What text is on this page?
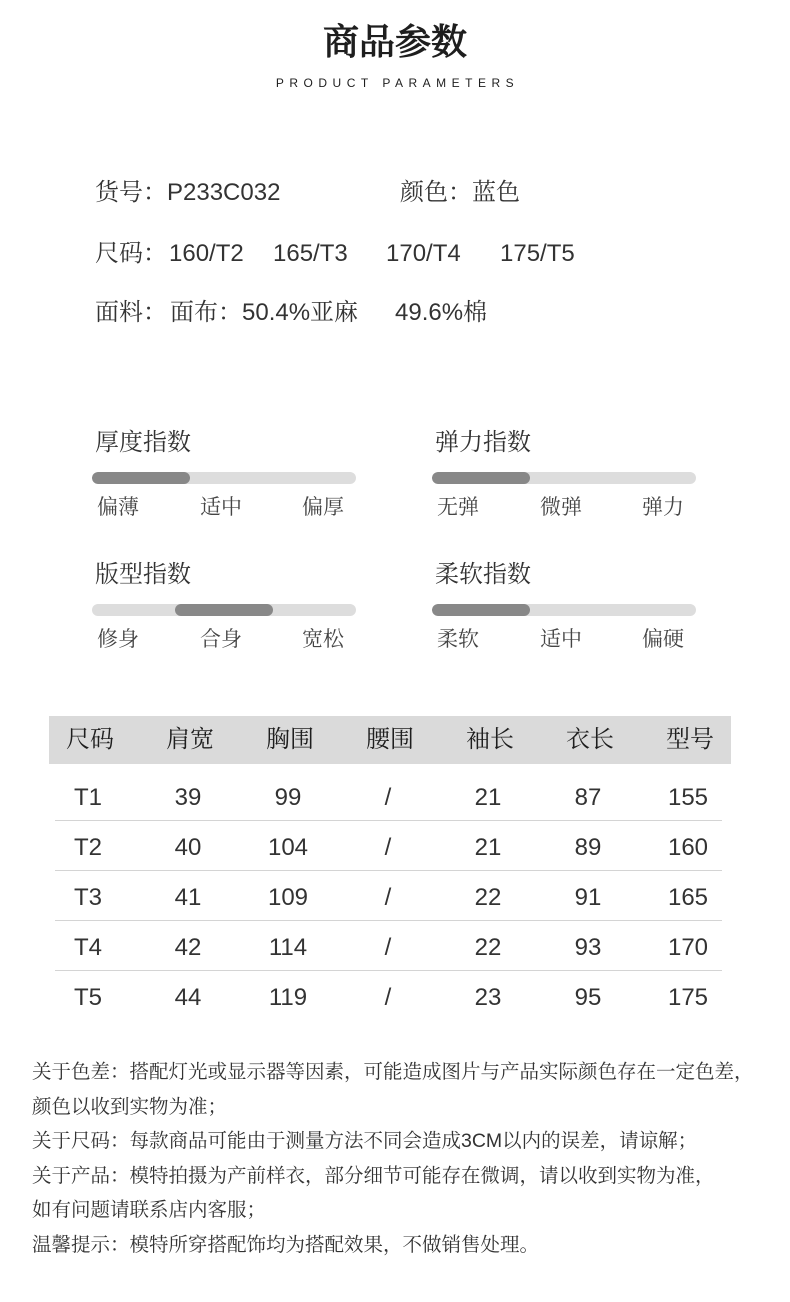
商品参数
PRODUCT PARAMETERS
货号：P233C032	颜色：蓝色
尺码： 160/T2 165/T3 170/T4 175/T5
面料： 面布：50.4%亚麻 49.6%棉
厚度指数
偏薄	适中	偏厚
弹力指数
无弹	微弹	弹力
版型指数
修身	合身	宽松
柔软指数
柔软	适中	偏硬
尺码	肩宽	胸围	腰围	袖长	衣长	型号
T1	39	99	/	21	87	155
T2	40	104	/	21	89	160
T3	41	109	/	22	91	165
T4	42	114	/	22	93	170
T5	44	119	/	23	95	175
关于色差：搭配灯光或显示器等因素，可能造成图片与产品实际颜色存在一定色差，
颜色以收到实物为准；
关于尺码：每款商品可能由于测量方法不同会造成3CM以内的误差，请谅解；
关于产品：模特拍摄为产前样衣，部分细节可能存在微调，请以收到实物为准，
如有问题请联系店内客服；
温馨提示：模特所穿搭配饰均为搭配效果，不做销售处理。
